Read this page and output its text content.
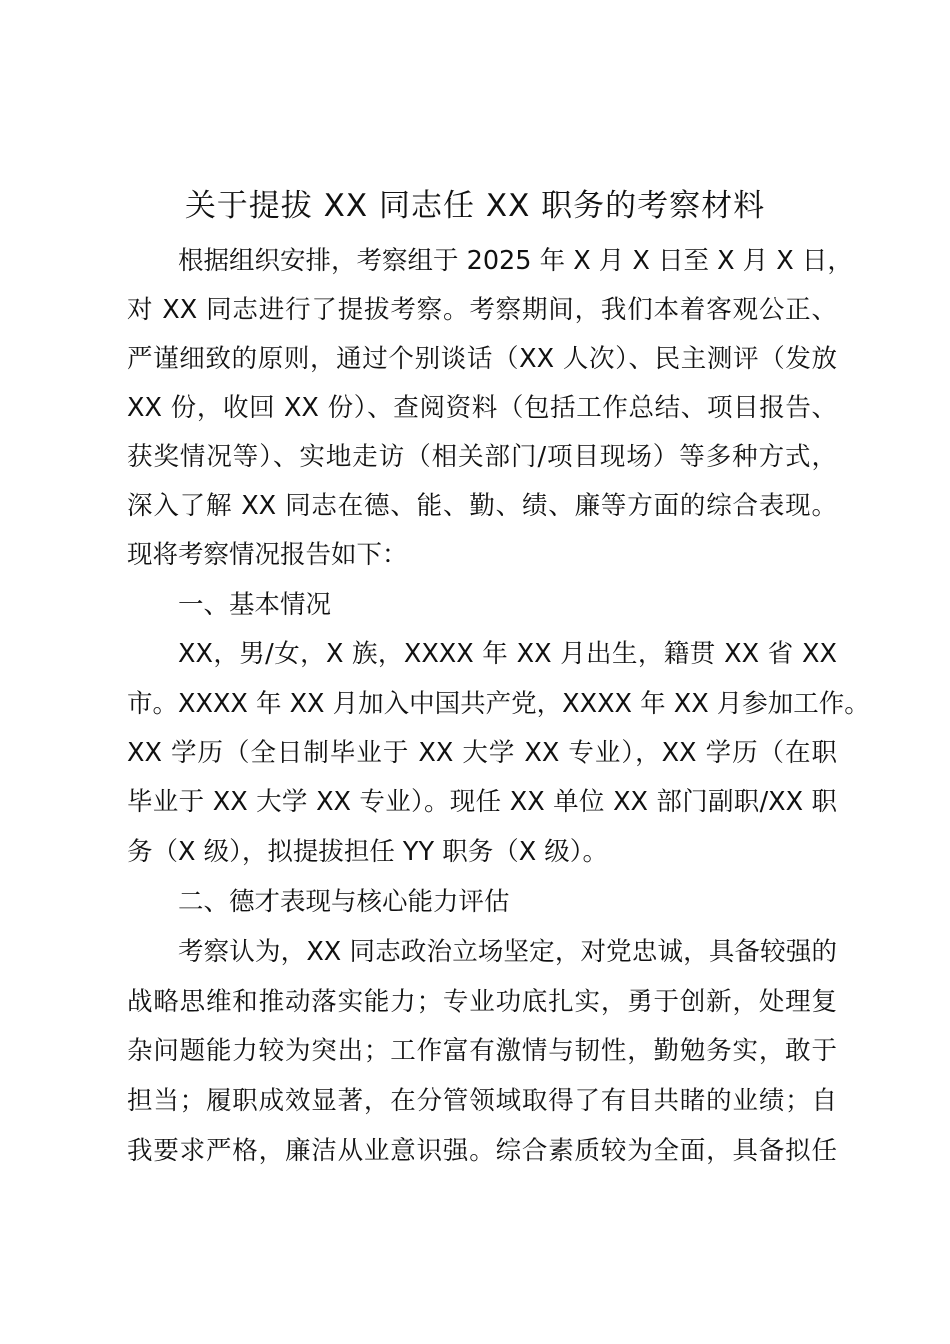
关于提拔 XX 同志任 XX 职务的考察材料
根据组织安排，考察组于 2025 年 X 月 X 日至 X 月 X 日，
对 XX 同志进行了提拔考察。考察期间，我们本着客观公正、
严谨细致的原则，通过个别谈话（XX 人次）、民主测评（发放
XX 份，收回 XX 份）、查阅资料（包括工作总结、项目报告、
获奖情况等）、实地走访（相关部门/项目现场）等多种方式，
深入了解 XX 同志在德、能、勤、绩、廉等方面的综合表现。
现将考察情况报告如下：
一、基本情况
XX，男/女，X 族，XXXX 年 XX 月出生，籍贯 XX 省 XX
市。XXXX 年 XX 月加入中国共产党，XXXX 年 XX 月参加工作。
XX 学历（全日制毕业于 XX 大学 XX 专业），XX 学历（在职
毕业于 XX 大学 XX 专业）。现任 XX 单位 XX 部门副职/XX 职
务（X 级），拟提拔担任 YY 职务（X 级）。
二、德才表现与核心能力评估
考察认为，XX 同志政治立场坚定，对党忠诚，具备较强的
战略思维和推动落实能力；专业功底扎实，勇于创新，处理复
杂问题能力较为突出；工作富有激情与韧性，勤勉务实，敢于
担当；履职成效显著，在分管领域取得了有目共睹的业绩；自
我要求严格，廉洁从业意识强。综合素质较为全面，具备拟任
